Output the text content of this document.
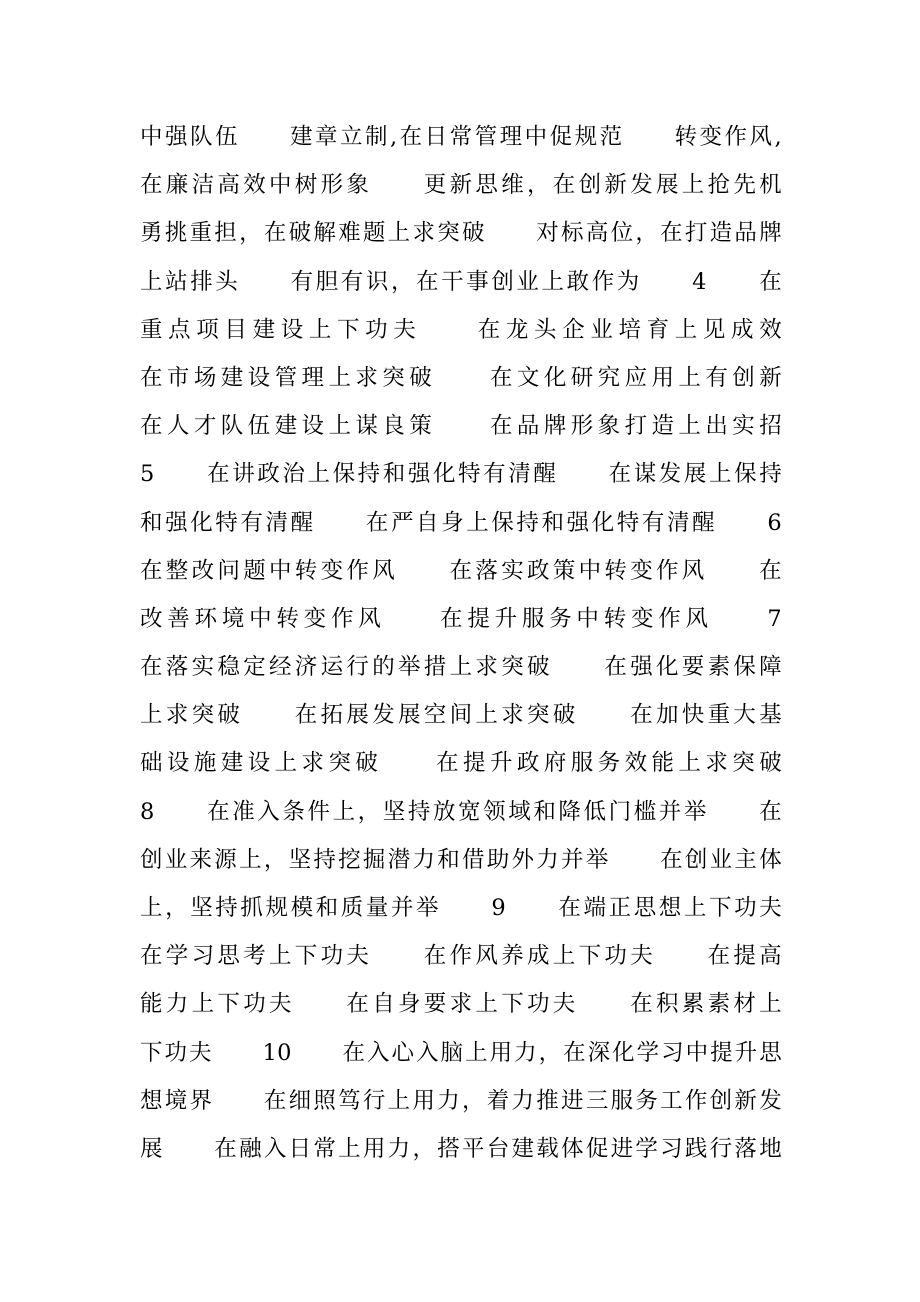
中强队伍　　建章立制,在日常管理中促规范　　转变作风,
在廉洁高效中树形象　　更新思维，在创新发展上抢先机
勇挑重担，在破解难题上求突破　　对标高位，在打造品牌
上站排头　　有胆有识，在干事创业上敢作为　　4　　在
重点项目建设上下功夫　　在龙头企业培育上见成效
在市场建设管理上求突破　　在文化研究应用上有创新
在人才队伍建设上谋良策　　在品牌形象打造上出实招
5　　在讲政治上保持和强化特有清醒　　在谋发展上保持
和强化特有清醒　　在严自身上保持和强化特有清醒　　6
在整改问题中转变作风　　在落实政策中转变作风　　在
改善环境中转变作风　　在提升服务中转变作风　　7
在落实稳定经济运行的举措上求突破　　在强化要素保障
上求突破　　在拓展发展空间上求突破　　在加快重大基
础设施建设上求突破　　在提升政府服务效能上求突破
8　　在准入条件上，坚持放宽领域和降低门槛并举　　在
创业来源上，坚持挖掘潜力和借助外力并举　　在创业主体
上，坚持抓规模和质量并举　　9　　在端正思想上下功夫
在学习思考上下功夫　　在作风养成上下功夫　　在提高
能力上下功夫　　在自身要求上下功夫　　在积累素材上
下功夫　　10　　在入心入脑上用力，在深化学习中提升思
想境界　　在细照笃行上用力，着力推进三服务工作创新发
展　　在融入日常上用力，搭平台建载体促进学习践行落地
